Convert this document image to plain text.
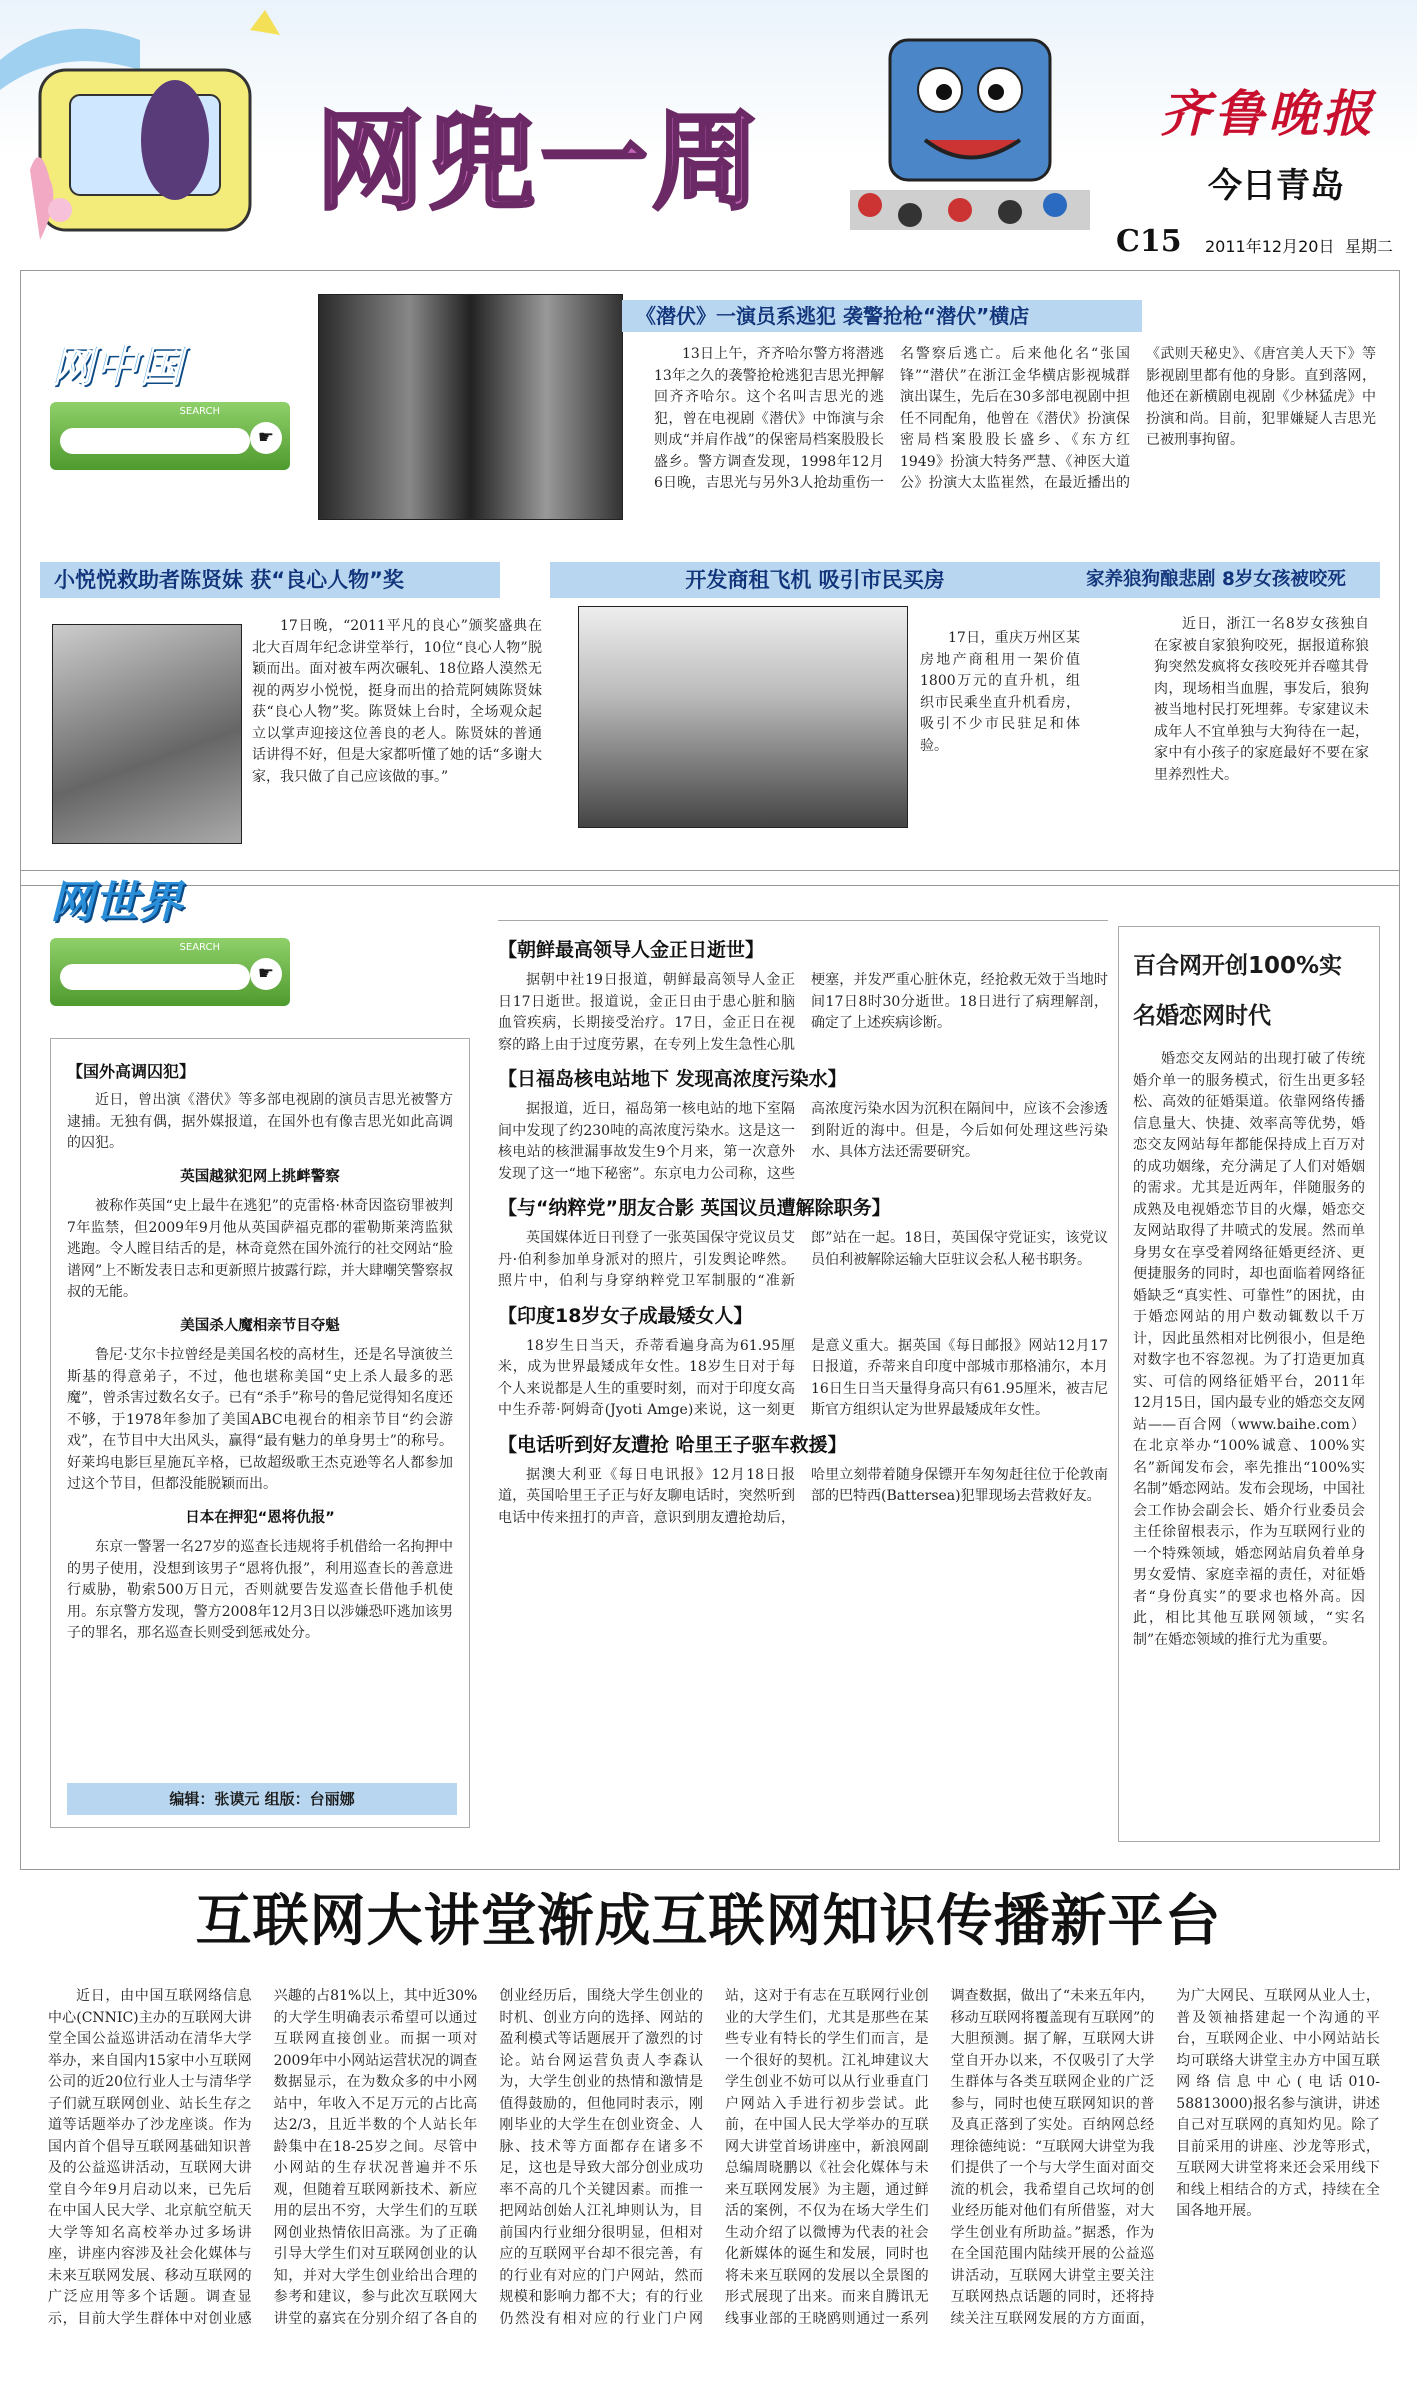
网兜一周	齐鲁晚报
今日青岛
C15 2011年12月20日 星期二
网中国
SEARCH
☛
《潜伏》一演员系逃犯 袭警抢枪“潜伏”横店

13日上午，齐齐哈尔警方将潜逃13年之久的袭警抢枪逃犯吉思光押解回齐齐哈尔。这个名叫吉思光的逃犯，曾在电视剧《潜伏》中饰演与余则成“并肩作战”的保密局档案股股长盛乡。警方调查发现，1998年12月6日晚，吉思光与另外3人抢劫重伤一名警察后逃亡。后来他化名“张国锋”“潜伏”在浙江金华横店影视城群演出谋生，先后在30多部电视剧中担任不同配角，他曾在《潜伏》扮演保密局档案股股长盛乡、《东方红1949》扮演大特务严慧、《神医大道公》扮演大太监崔然，在最近播出的《武则天秘史》、《唐宫美人天下》等影视剧里都有他的身影。直到落网，他还在新横剧电视剧《少林猛虎》中扮演和尚。目前，犯罪嫌疑人吉思光已被刑事拘留。

小悦悦救助者陈贤妹 获“良心人物”奖

17日晚，“2011平凡的良心”颁奖盛典在北大百周年纪念讲堂举行，10位“良心人物”脱颖而出。面对被车两次碾轧、18位路人漠然无视的两岁小悦悦，挺身而出的拾荒阿姨陈贤妹获“良心人物”奖。陈贤妹上台时，全场观众起立以掌声迎接这位善良的老人。陈贤妹的普通话讲得不好，但是大家都听懂了她的话“多谢大家，我只做了自己应该做的事。”

开发商租飞机 吸引市民买房

17日，重庆万州区某房地产商租用一架价值1800万元的直升机，组织市民乘坐直升机看房，吸引不少市民驻足和体验。

家养狼狗酿悲剧 8岁女孩被咬死

近日，浙江一名8岁女孩独自在家被自家狼狗咬死，据报道称狼狗突然发疯将女孩咬死并吞噬其骨肉，现场相当血腥，事发后，狼狗被当地村民打死埋葬。专家建议未成年人不宜单独与大狗待在一起，家中有小孩子的家庭最好不要在家里养烈性犬。

网世界
SEARCH
☛
【国外高调囚犯】

近日，曾出演《潜伏》等多部电视剧的演员吉思光被警方逮捕。无独有偶，据外媒报道，在国外也有像吉思光如此高调的囚犯。

英国越狱犯网上挑衅警察

被称作英国“史上最牛在逃犯”的克雷格·林奇因盗窃罪被判7年监禁，但2009年9月他从英国萨福克郡的霍勒斯莱湾监狱逃跑。令人瞠目结舌的是，林奇竟然在国外流行的社交网站“脸谱网”上不断发表日志和更新照片披露行踪，并大肆嘲笑警察叔叔的无能。

美国杀人魔相亲节目夺魁

鲁尼·艾尔卡拉曾经是美国名校的高材生，还是名导演彼兰斯基的得意弟子，不过，他也堪称美国“史上杀人最多的恶魔”，曾杀害过数名女子。已有“杀手”称号的鲁尼觉得知名度还不够，于1978年参加了美国ABC电视台的相亲节目“约会游戏”，在节目中大出风头，赢得“最有魅力的单身男士”的称号。好莱坞电影巨星施瓦辛格，已故超级歌王杰克逊等名人都参加过这个节目，但都没能脱颖而出。

日本在押犯“恩将仇报”

东京一警署一名27岁的巡查长违规将手机借给一名拘押中的男子使用，没想到该男子“恩将仇报”，利用巡查长的善意进行威胁，勒索500万日元，否则就要告发巡查长借他手机使用。东京警方发现，警方2008年12月3日以涉嫌恐吓逃加该男子的罪名，那名巡查长则受到惩戒处分。

编辑：张谟元 组版：台丽娜
【朝鲜最高领导人金正日逝世】

据朝中社19日报道，朝鲜最高领导人金正日17日逝世。报道说，金正日由于患心脏和脑血管疾病，长期接受治疗。17日，金正日在视察的路上由于过度劳累，在专列上发生急性心肌梗塞，并发严重心脏休克，经抢救无效于当地时间17日8时30分逝世。18日进行了病理解剖，确定了上述疾病诊断。

【日福岛核电站地下 发现高浓度污染水】

据报道，近日，福岛第一核电站的地下室隔间中发现了约230吨的高浓度污染水。这是这一核电站的核泄漏事故发生9个月来，第一次意外发现了这一“地下秘密”。东京电力公司称，这些高浓度污染水因为沉积在隔间中，应该不会渗透到附近的海中。但是，今后如何处理这些污染水、具体方法还需要研究。

【与“纳粹党”朋友合影 英国议员遭解除职务】

英国媒体近日刊登了一张英国保守党议员艾丹·伯利参加单身派对的照片，引发舆论哗然。照片中，伯利与身穿纳粹党卫军制服的“准新郎”站在一起。18日，英国保守党证实，该党议员伯利被解除运输大臣驻议会私人秘书职务。

【印度18岁女子成最矮女人】

18岁生日当天，乔蒂看遍身高为61.95厘米，成为世界最矮成年女性。18岁生日对于每个人来说都是人生的重要时刻，而对于印度女高中生乔蒂·阿姆奇(Jyoti Amge)来说，这一刻更是意义重大。据英国《每日邮报》网站12月17日报道，乔蒂来自印度中部城市那格浦尔，本月16日生日当天量得身高只有61.95厘米，被吉尼斯官方组织认定为世界最矮成年女性。

【电话听到好友遭抢 哈里王子驱车救援】

据澳大利亚《每日电讯报》12月18日报道，英国哈里王子正与好友聊电话时，突然听到电话中传来扭打的声音，意识到朋友遭抢劫后，哈里立刻带着随身保镖开车匆匆赶往位于伦敦南部的巴特西(Battersea)犯罪现场去营救好友。

百合网开创100%实名婚恋网时代

婚恋交友网站的出现打破了传统婚介单一的服务模式，衍生出更多轻松、高效的征婚渠道。依靠网络传播信息量大、快捷、效率高等优势，婚恋交友网站每年都能保持成上百万对的成功姻缘，充分满足了人们对婚姻的需求。尤其是近两年，伴随服务的成熟及电视婚恋节目的火爆，婚恋交友网站取得了井喷式的发展。然而单身男女在享受着网络征婚更经济、更便捷服务的同时，却也面临着网络征婚缺乏“真实性、可靠性”的困扰，由于婚恋网站的用户数动辄数以千万计，因此虽然相对比例很小，但是绝对数字也不容忽视。为了打造更加真实、可信的网络征婚平台，2011年12月15日，国内最专业的婚恋交友网站——百合网（www.baihe.com）在北京举办“100%诚意、100%实名”新闻发布会，率先推出“100%实名制”婚恋网站。发布会现场，中国社会工作协会副会长、婚介行业委员会主任徐留根表示，作为互联网行业的一个特殊领域，婚恋网站肩负着单身男女爱情、家庭幸福的责任，对征婚者“身份真实”的要求也格外高。因此，相比其他互联网领域，“实名制”在婚恋领域的推行尤为重要。

互联网大讲堂渐成互联网知识传播新平台

近日，由中国互联网络信息中心(CNNIC)主办的互联网大讲堂全国公益巡讲活动在清华大学举办，来自国内15家中小互联网公司的近20位行业人士与清华学子们就互联网创业、站长生存之道等话题举办了沙龙座谈。作为国内首个倡导互联网基础知识普及的公益巡讲活动，互联网大讲堂自今年9月启动以来，已先后在中国人民大学、北京航空航天大学等知名高校举办过多场讲座，讲座内容涉及社会化媒体与未来互联网发展、移动互联网的广泛应用等多个话题。调查显示，目前大学生群体中对创业感兴趣的占81%以上，其中近30%的大学生明确表示希望可以通过互联网直接创业。而据一项对2009年中小网站运营状况的调查数据显示，在为数众多的中小网站中，年收入不足万元的占比高达2/3，且近半数的个人站长年龄集中在18-25岁之间。尽管中小网站的生存状况普遍并不乐观，但随着互联网新技术、新应用的层出不穷，大学生们的互联网创业热情依旧高涨。为了正确引导大学生们对互联网创业的认知，并对大学生创业给出合理的参考和建议，参与此次互联网大讲堂的嘉宾在分别介绍了各自的创业经历后，围绕大学生创业的时机、创业方向的选择、网站的盈利模式等话题展开了激烈的讨论。站台网运营负责人李森认为，大学生创业的热情和激情是值得鼓励的，但他同时表示，刚刚毕业的大学生在创业资金、人脉、技术等方面都存在诸多不足，这也是导致大部分创业成功率不高的几个关键因素。而推一把网站创始人江礼坤则认为，目前国内行业细分很明显，但相对应的互联网平台却不很完善，有的行业有对应的门户网站，然而规模和影响力都不大；有的行业仍然没有相对应的行业门户网站，这对于有志在互联网行业创业的大学生们，尤其是那些在某些专业有特长的学生们而言，是一个很好的契机。江礼坤建议大学生创业不妨可以从行业垂直门户网站入手进行初步尝试。此前，在中国人民大学举办的互联网大讲堂首场讲座中，新浪网副总编周晓鹏以《社会化媒体与未来互联网发展》为主题，通过鲜活的案例，不仅为在场大学生们生动介绍了以微博为代表的社会化新媒体的诞生和发展，同时也将未来互联网的发展以全景图的形式展现了出来。而来自腾讯无线事业部的王晓鸥则通过一系列调查数据，做出了“未来五年内，移动互联网将覆盖现有互联网”的大胆预测。据了解，互联网大讲堂自开办以来，不仅吸引了大学生群体与各类互联网企业的广泛参与，同时也使互联网知识的普及真正落到了实处。百纳网总经理徐德纯说：“互联网大讲堂为我们提供了一个与大学生面对面交流的机会，我希望自己坎坷的创业经历能对他们有所借鉴，对大学生创业有所助益。”据悉，作为在全国范围内陆续开展的公益巡讲活动，互联网大讲堂主要关注互联网热点话题的同时，还将持续关注互联网发展的方方面面，为广大网民、互联网从业人士，普及领袖搭建起一个沟通的平台，互联网企业、中小网站站长均可联络大讲堂主办方中国互联网络信息中心(电话010-58813000)报名参与演讲，讲述自己对互联网的真知灼见。除了目前采用的讲座、沙龙等形式，互联网大讲堂将来还会采用线下和线上相结合的方式，持续在全国各地开展。
